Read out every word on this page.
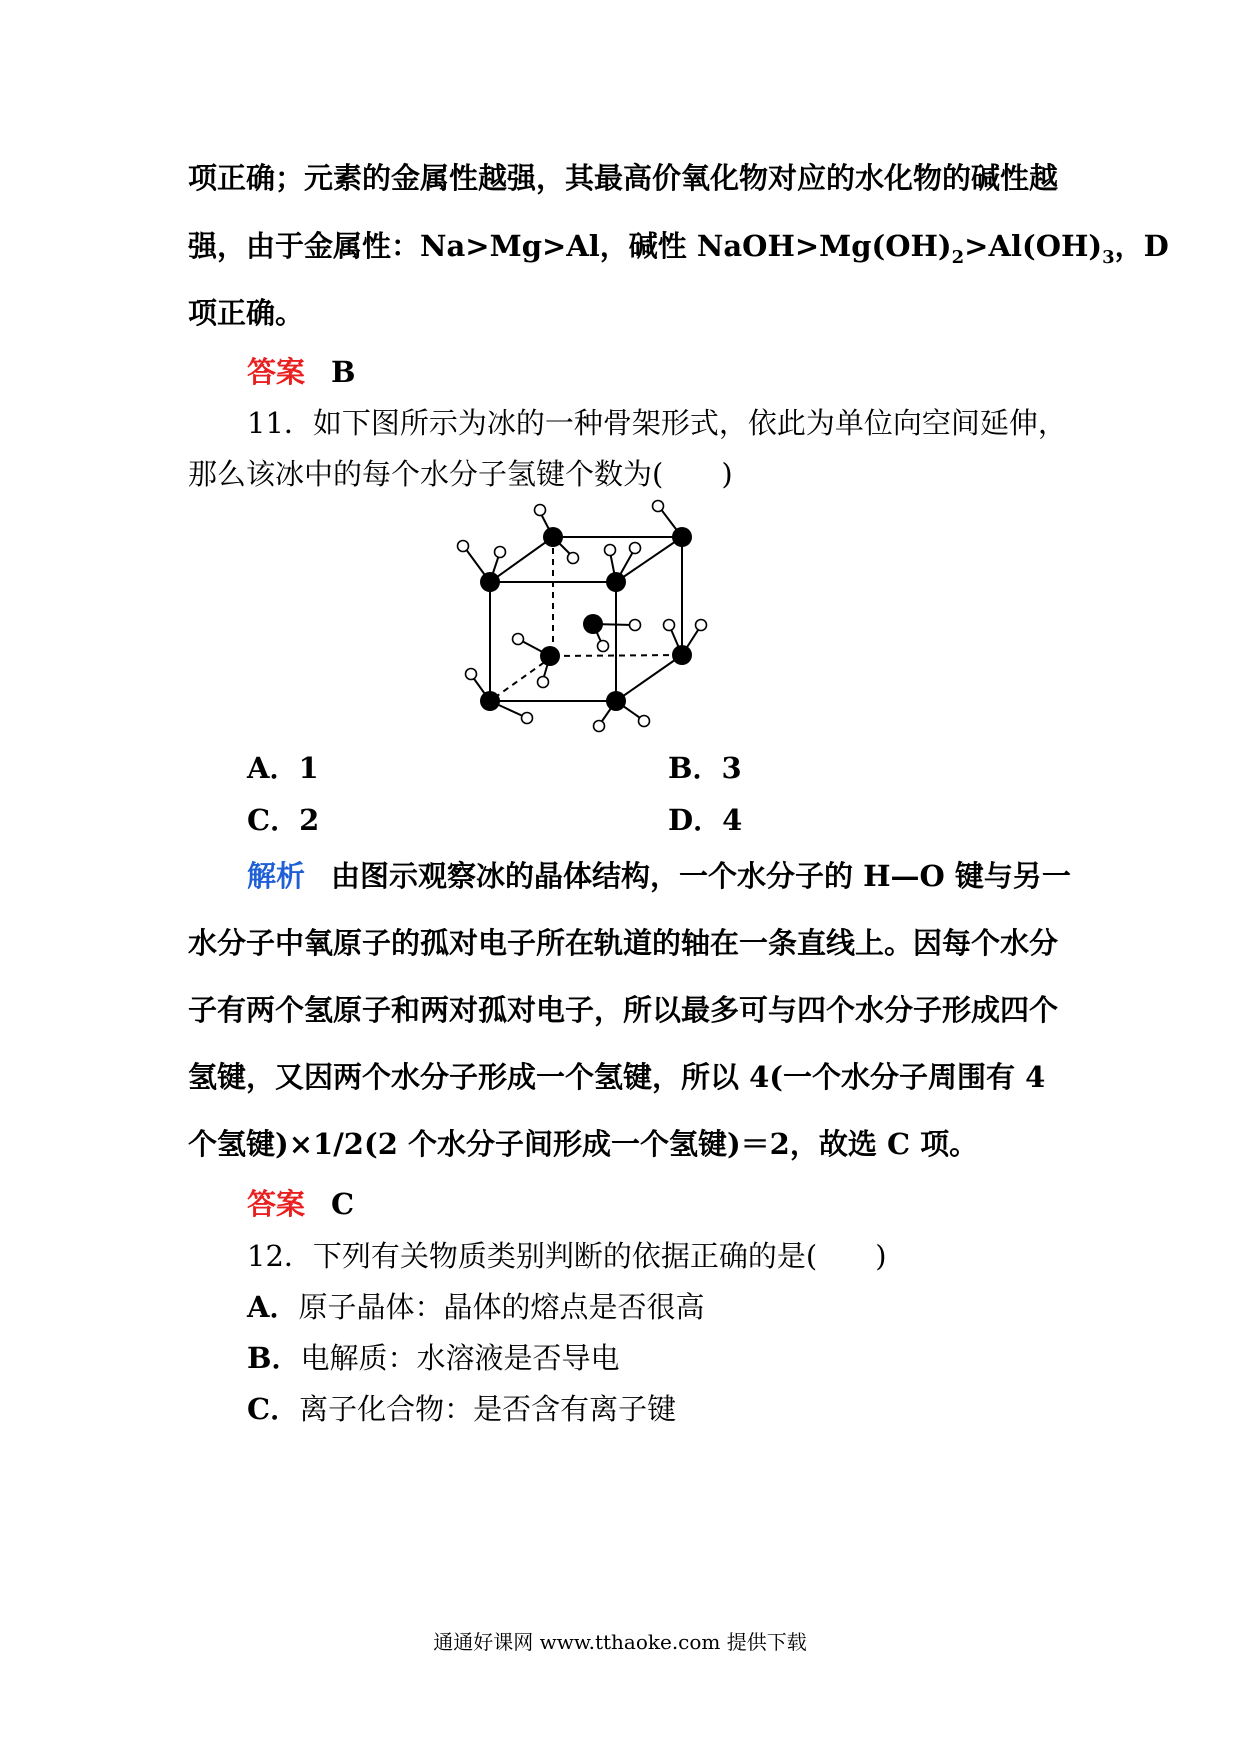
项正确；元素的金属性越强，其最高价氧化物对应的水化物的碱性越
强，由于金属性：Na>Mg>Al，碱性 $NaOH>Mg(OH)_2>Al(OH)_3$，D
项正确。
答案 B
11．如下图所示为冰的一种骨架形式，依此为单位向空间延伸，
那么该冰中的每个水分子氢键个数为(　　)
A．1	B．3
C．2	D．4
解析 由图示观察冰的晶体结构，一个水分子的 H—O 键与另一
水分子中氧原子的孤对电子所在轨道的轴在一条直线上。因每个水分
子有两个氢原子和两对孤对电子，所以最多可与四个水分子形成四个
氢键，又因两个水分子形成一个氢键，所以 4(一个水分子周围有 4
个氢键)×1/2(2 个水分子间形成一个氢键)＝2，故选 C 项。
答案 C
12．下列有关物质类别判断的依据正确的是(　　)
A．原子晶体：晶体的熔点是否很高
B．电解质：水溶液是否导电
C．离子化合物：是否含有离子键
通通好课网 www.tthaoke.com 提供下载
